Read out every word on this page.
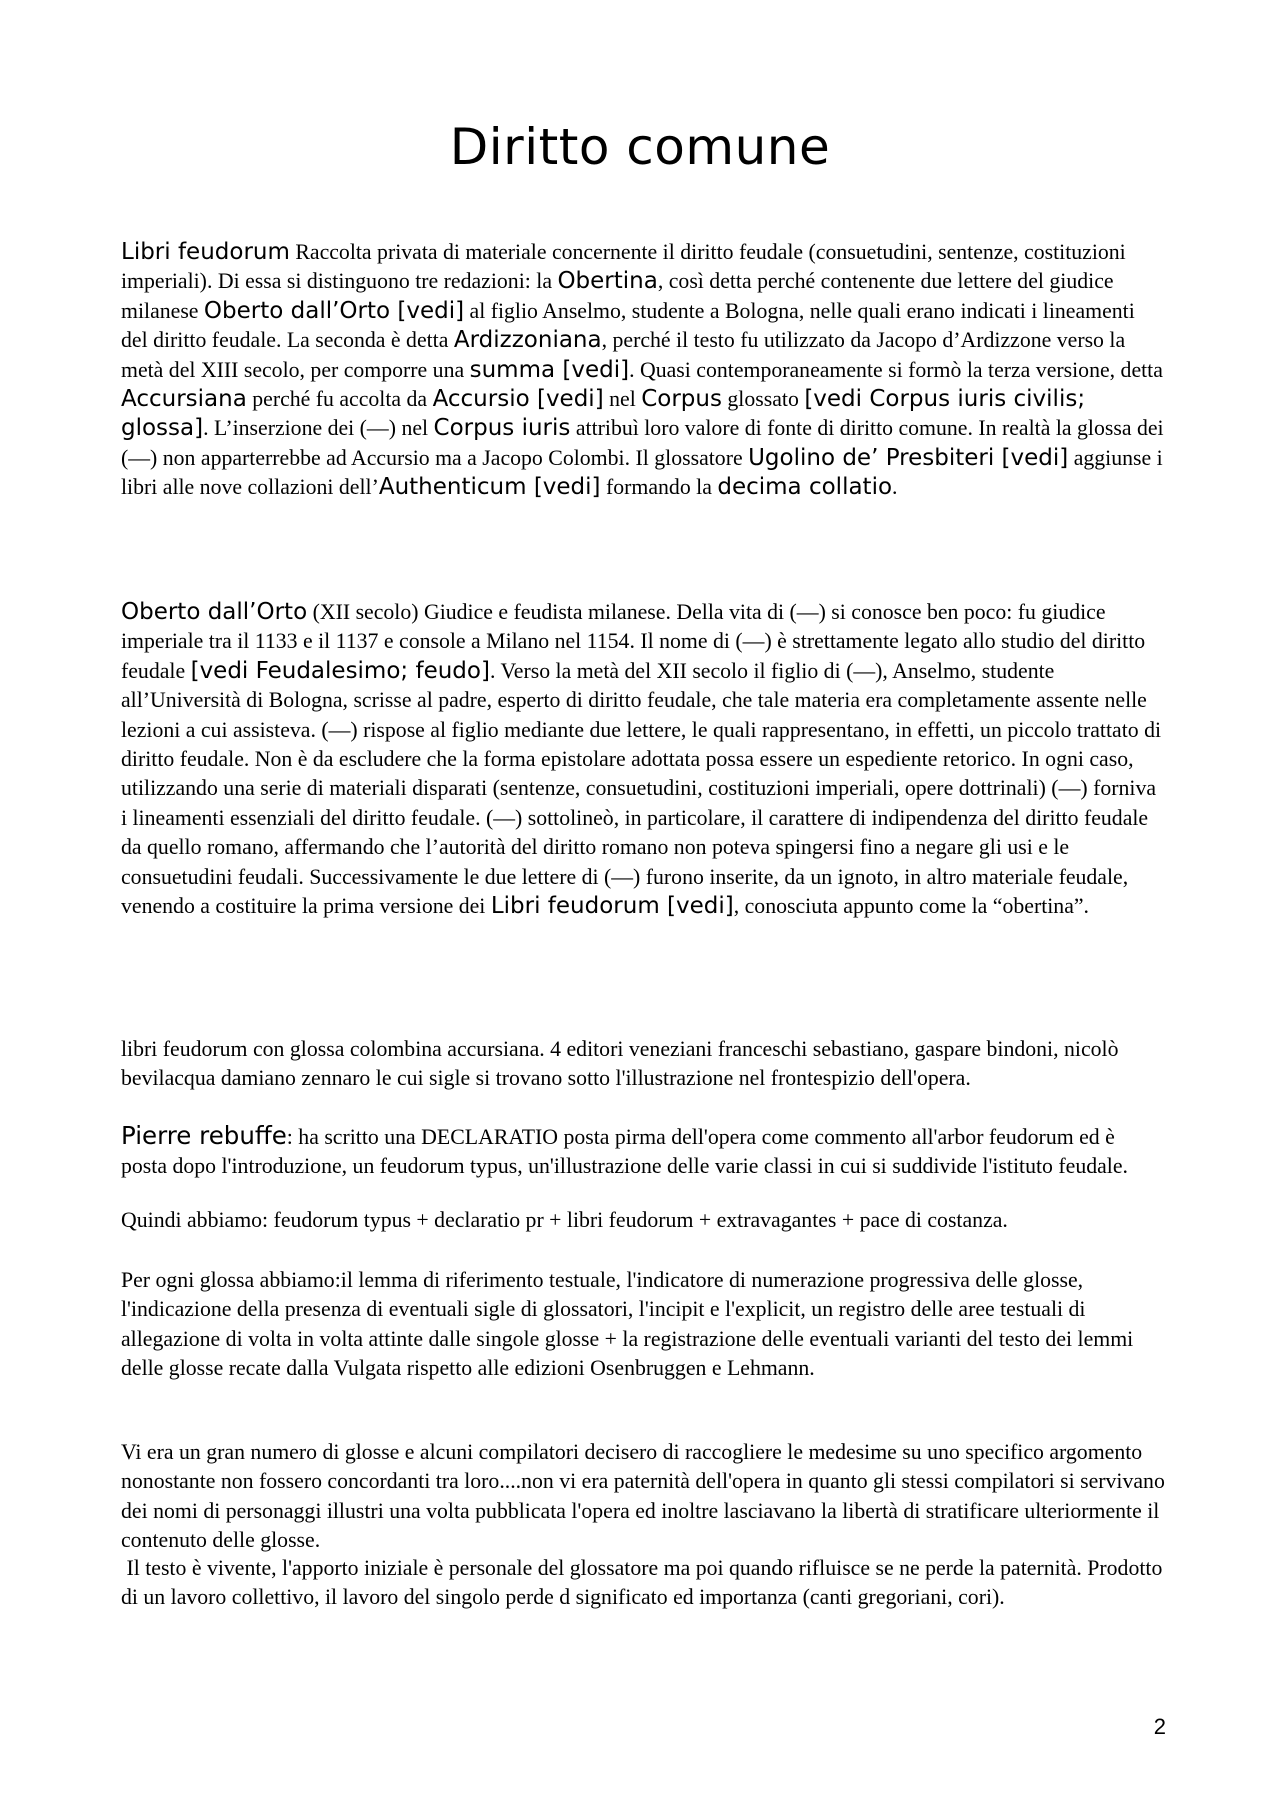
Diritto comune
Libri feudorum Raccolta privata di materiale concernente il diritto feudale (consuetudini, sentenze, costituzioni imperiali). Di essa si distinguono tre redazioni: la Obertina, così detta perché contenente due lettere del giudice milanese Oberto dall’Orto [vedi] al figlio Anselmo, studente a Bologna, nelle quali erano indicati i lineamenti del diritto feudale. La seconda è detta Ardizzoniana, perché il testo fu utilizzato da Jacopo d’Ardizzone verso la metà del XIII secolo, per comporre una summa [vedi]. Quasi contemporaneamente si formò la terza versione, detta Accursiana perché fu accolta da Accursio [vedi] nel Corpus glossato [vedi Corpus iuris civilis; glossa]. L’inserzione dei (—) nel Corpus iuris attribuì loro valore di fonte di diritto comune. In realtà la glossa dei (—) non apparterrebbe ad Accursio ma a Jacopo Colombi. Il glossatore Ugolino de’ Presbiteri [vedi] aggiunse i libri alle nove collazioni dell’Authenticum [vedi] formando la decima collatio.
Oberto dall’Orto (XII secolo) Giudice e feudista milanese. Della vita di (—) si conosce ben poco: fu giudice imperiale tra il 1133 e il 1137 e console a Milano nel 1154. Il nome di (—) è strettamente legato allo studio del diritto feudale [vedi Feudalesimo; feudo]. Verso la metà del XII secolo il figlio di (—), Anselmo, studente all’Università di Bologna, scrisse al padre, esperto di diritto feudale, che tale materia era completamente assente nelle lezioni a cui assisteva. (—) rispose al figlio mediante due lettere, le quali rappresentano, in effetti, un piccolo trattato di diritto feudale. Non è da escludere che la forma epistolare adottata possa essere un espediente retorico. In ogni caso, utilizzando una serie di materiali disparati (sentenze, consuetudini, costituzioni imperiali, opere dottrinali) (—) forniva i lineamenti essenziali del diritto feudale. (—) sottolineò, in particolare, il carattere di indipendenza del diritto feudale da quello romano, affermando che l’autorità del diritto romano non poteva spingersi fino a negare gli usi e le consuetudini feudali. Successivamente le due lettere di (—) furono inserite, da un ignoto, in altro materiale feudale, venendo a costituire la prima versione dei Libri feudorum [vedi], conosciuta appunto come la “obertina”.
libri feudorum con glossa colombina accursiana. 4 editori veneziani franceschi sebastiano, gaspare bindoni, nicolò bevilacqua damiano zennaro le cui sigle si trovano sotto l'illustrazione nel frontespizio dell'opera.
Pierre rebuffe: ha scritto una DECLARATIO posta pirma dell'opera come commento all'arbor feudorum ed è posta dopo l'introduzione, un feudorum typus, un'illustrazione delle varie classi in cui si suddivide l'istituto feudale.
Quindi abbiamo: feudorum typus + declaratio pr + libri feudorum + extravagantes + pace di costanza.
Per ogni glossa abbiamo:il lemma di riferimento testuale, l'indicatore di numerazione progressiva delle glosse, l'indicazione della presenza di eventuali sigle di glossatori, l'incipit e l'explicit, un registro delle aree testuali di allegazione di volta in volta attinte dalle singole glosse + la registrazione delle eventuali varianti del testo dei lemmi delle glosse recate dalla Vulgata rispetto alle edizioni Osenbruggen e Lehmann.
Vi era un gran numero di glosse e alcuni compilatori decisero di raccogliere le medesime su uno specifico argomento nonostante non fossero concordanti tra loro....non vi era paternità dell'opera in quanto gli stessi compilatori si servivano dei nomi di personaggi illustri una volta pubblicata l'opera ed inoltre lasciavano la libertà di stratificare ulteriormente il contenuto delle glosse.
Il testo è vivente, l'apporto iniziale è personale del glossatore ma poi quando rifluisce se ne perde la paternità. Prodotto di un lavoro collettivo, il lavoro del singolo perde d significato ed importanza (canti gregoriani, cori).
2
